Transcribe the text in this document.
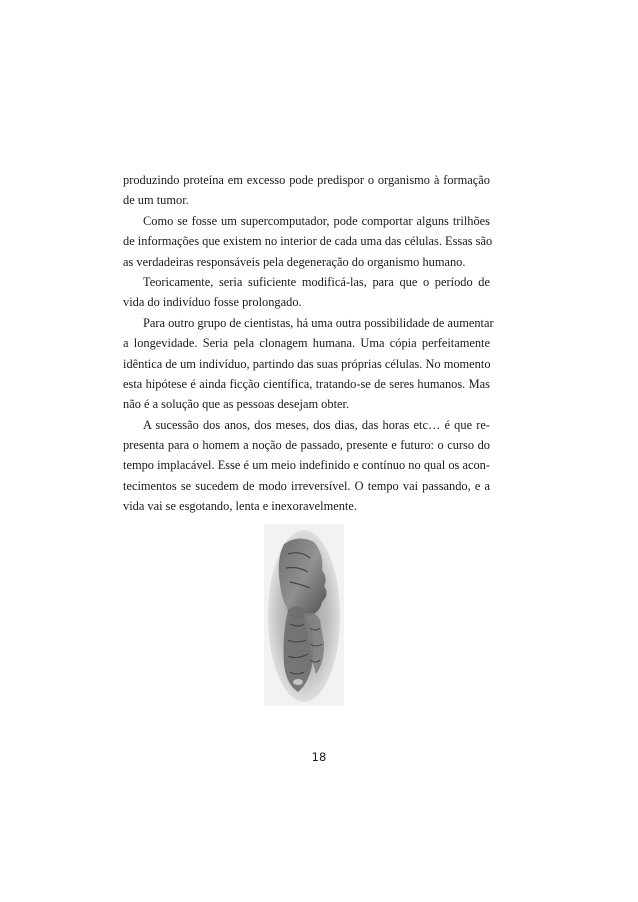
produzindo proteína em excesso pode predispor o organismo à formação
de um tumor.
Como se fosse um supercomputador, pode comportar alguns trilhões
de informações que existem no interior de cada uma das células. Essas são
as verdadeiras responsáveis pela degeneração do organismo humano.
Teoricamente, seria suficiente modificá-las, para que o período de
vida do indivíduo fosse prolongado.
Para outro grupo de cientistas, há uma outra possibilidade de aumentar
a longevidade. Seria pela clonagem humana. Uma cópia perfeitamente
idêntica de um indivíduo, partindo das suas próprias células. No momento
esta hipótese é ainda ficção científica, tratando-se de seres humanos. Mas
não é a solução que as pessoas desejam obter.
A sucessão dos anos, dos meses, dos dias, das horas etc… é que re-
presenta para o homem a noção de passado, presente e futuro: o curso do
tempo implacável. Esse é um meio indefinido e contínuo no qual os acon-
tecimentos se sucedem de modo irreversível. O tempo vai passando, e a
vida vai se esgotando, lenta e inexoravelmente.
18
